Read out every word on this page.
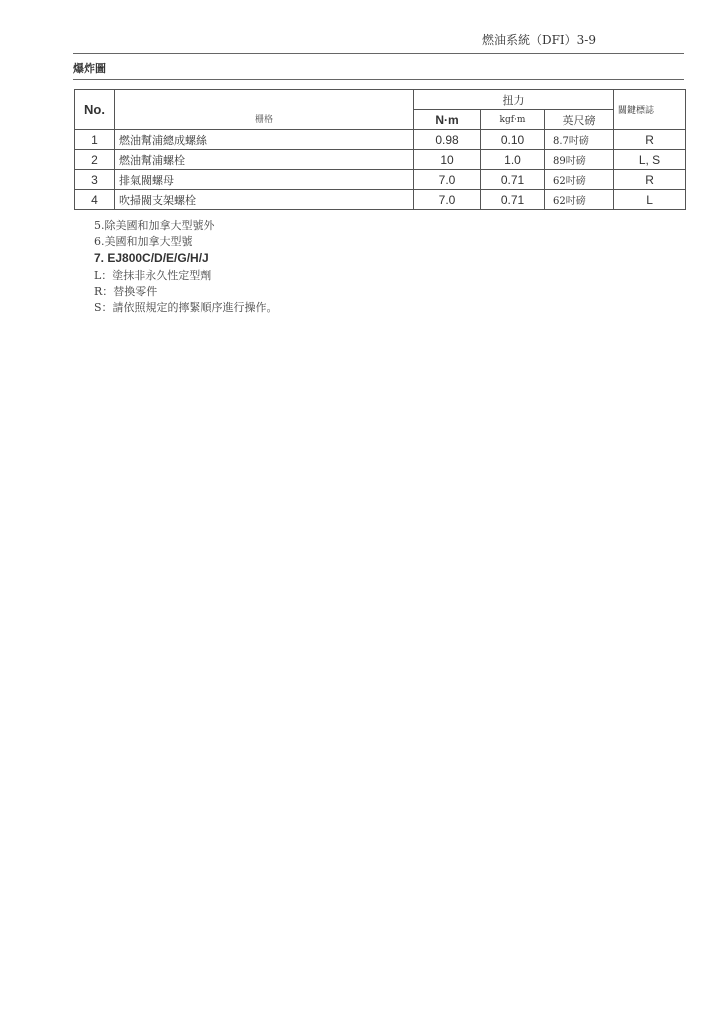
燃油系統（DFI）3-9
爆炸圖
No.	栅格	扭力			關鍵標誌
		N·m	kgf·m	英尺磅	
1	燃油幫浦總成螺絲	0.98	0.10	8.7吋磅	R
2	燃油幫浦螺栓	10	1.0	89吋磅	L, S
3	排氣閥螺母	7.0	0.71	62吋磅	R
4	吹掃閥支架螺栓	7.0	0.71	62吋磅	L
5.除美國和加拿大型號外
6.美國和加拿大型號
7. EJ800C/D/E/G/H/J
L：塗抹非永久性定型劑
R：替換零件
S：請依照規定的擰緊順序進行操作。
